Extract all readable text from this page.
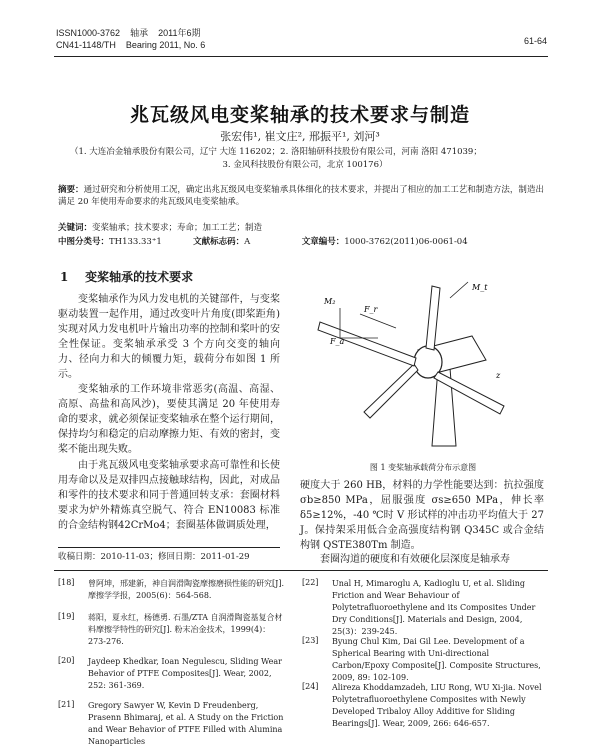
ISSN1000-3762 轴承 2011年6期
CN41-1148/TH Bearing 2011, No. 6	61-64
兆瓦级风电变桨轴承的技术要求与制造
张宏伟¹, 崔文庄², 邢振平¹, 刘河³
（1. 大连冶金轴承股份有限公司，辽宁 大连 116202；2. 洛阳轴研科技股份有限公司，河南 洛阳 471039；
3. 金风科技股份有限公司，北京 100176）
摘要：通过研究和分析使用工况，确定出兆瓦级风电变桨轴承具体细化的技术要求，并提出了相应的加工工艺和制造方法，制造出满足 20 年使用寿命要求的兆瓦级风电变桨轴承。
关键词：变桨轴承；技术要求；寿命；加工工艺；制造
中图分类号：TH133.33⁺1	文献标志码：A	文章编号：1000-3762(2011)06-0061-04
1 变桨轴承的技术要求
变桨轴承作为风力发电机的关键部件，与变桨驱动装置一起作用，通过改变叶片角度(即桨距角)实现对风力发电机叶片输出功率的控制和桨叶的安全性保证。变桨轴承承受 3 个方向交变的轴向力、径向力和大的倾覆力矩，载荷分布如图 1 所示。
变桨轴承的工作环境非常恶劣(高温、高湿、高原、高盐和高风沙)，要使其满足 20 年使用寿命的要求，就必须保证变桨轴承在整个运行期间，保持均匀和稳定的启动摩擦力矩、有效的密封，变桨不能出现失败。
由于兆瓦级风电变桨轴承要求高可靠性和长使用寿命以及是双排四点接触球结构，因此，对成品和零件的技术要求和同于普通回转支承：套圈材料要求为炉外精炼真空脱气、符合 EN10083 标准的合金结构钢42CrMo4；套圈基体做调质处理，
M₂
F_r
F_a
M_t
z
图 1 变桨轴承载荷分布示意图
硬度大于 260 HB，材料的力学性能要达到：抗拉强度 σb≥850 MPa，屈服强度 σs≥650 MPa，伸长率 δ5≥12%，-40 ℃时 V 形试样的冲击功平均值大于 27 J。保持架采用低合金高强度结构钢 Q345C 或合金结构钢 QSTE380Tm 制造。
套圈沟道的硬度和有效硬化层深度是轴承寿
收稿日期：2010-11-03；修回日期：2011-01-29
[18] 曾阿坤，邢建新，神自润滑陶瓷摩擦磨损性能的研究[J]. 摩擦学学报，2005(6)：564-568.
[19] 蒋阳，夏永红，杨德勇. 石墨/ZTA 自润滑陶瓷基复合材料摩擦学特性的研究[J]. 粉末冶金技术，1999(4)：273-276.
[20] Jaydeep Khedkar, Ioan Negulescu, Sliding Wear Behavior of PTFE Composites[J]. Wear, 2002, 252: 361-369.
[21] Gregory Sawyer W, Kevin D Freudenberg, Prasenn Bhimaraj, et al. A Study on the Friction and Wear Behavior of PTFE Filled with Alumina Nanoparticles
[22] Unal H, Mimaroglu A, Kadioglu U, et al. Sliding Friction and Wear Behaviour of Polytetrafluoroethylene and its Composites Under Dry Conditions[J]. Materials and Design, 2004, 25(3)：239-245.
[23] Byung Chul Kim, Dai Gil Lee. Development of a Spherical Bearing with Uni-directional Carbon/Epoxy Composite[J]. Composite Structures, 2009, 89: 102-109.
[24] Alireza Khoddamzadeh, LIU Rong, WU Xi-jia. Novel Polytetrafluoroethylene Composites with Newly Developed Tribaloy Alloy Additive for Sliding Bearings[J]. Wear, 2009, 266: 646-657.
